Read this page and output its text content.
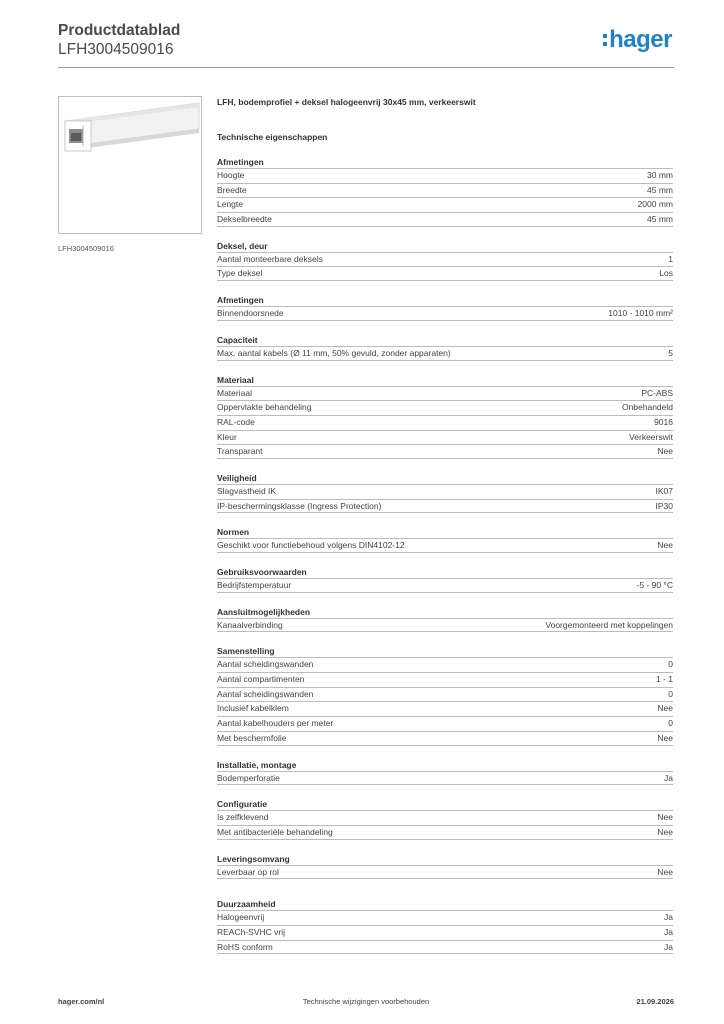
Productdatablad
LFH3004509016	hager
LFH3004509016
LFH, bodemprofiel + deksel halogeenvrij 30x45 mm, verkeerswit
Technische eigenschappen
Afmetingen
Hoogte	30 mm
Breedte	45 mm
Lengte	2000 mm
Dekselbreedte	45 mm
Deksel, deur
Aantal monteerbare deksels	1
Type deksel	Los
Afmetingen
Binnendoorsnede	1010 - 1010 mm²
Capaciteit
Max. aantal kabels (Ø 11 mm, 50% gevuld, zonder apparaten)	5
Materiaal
Materiaal	PC-ABS
Oppervlakte behandeling	Onbehandeld
RAL-code	9016
Kleur	Verkeerswit
Transparant	Nee
Veiligheid
Slagvastheid IK	IK07
IP-beschermingsklasse (Ingress Protection)	IP30
Normen
Geschikt voor functiebehoud volgens DIN4102-12	Nee
Gebruiksvoorwaarden
Bedrijfstemperatuur	-5 - 90 °C
Aansluitmogelijkheden
Kanaalverbinding	Voorgemonteerd met koppelingen
Samenstelling
Aantal scheidingswanden	0
Aantal compartimenten	1 - 1
Aantal scheidingswanden	0
Inclusief kabelklem	Nee
Aantal kabelhouders per meter	0
Met beschermfolie	Nee
Installatie, montage
Bodemperforatie	Ja
Configuratie
Is zelfklevend	Nee
Met antibacteriële behandeling	Nee
Leveringsomvang
Leverbaar op rol	Nee
Duurzaamheid
Halogeenvrij	Ja
REACh-SVHC vrij	Ja
RoHS conform	Ja
hager.com/nl	Technische wijzigingen voorbehouden	21.09.2026
